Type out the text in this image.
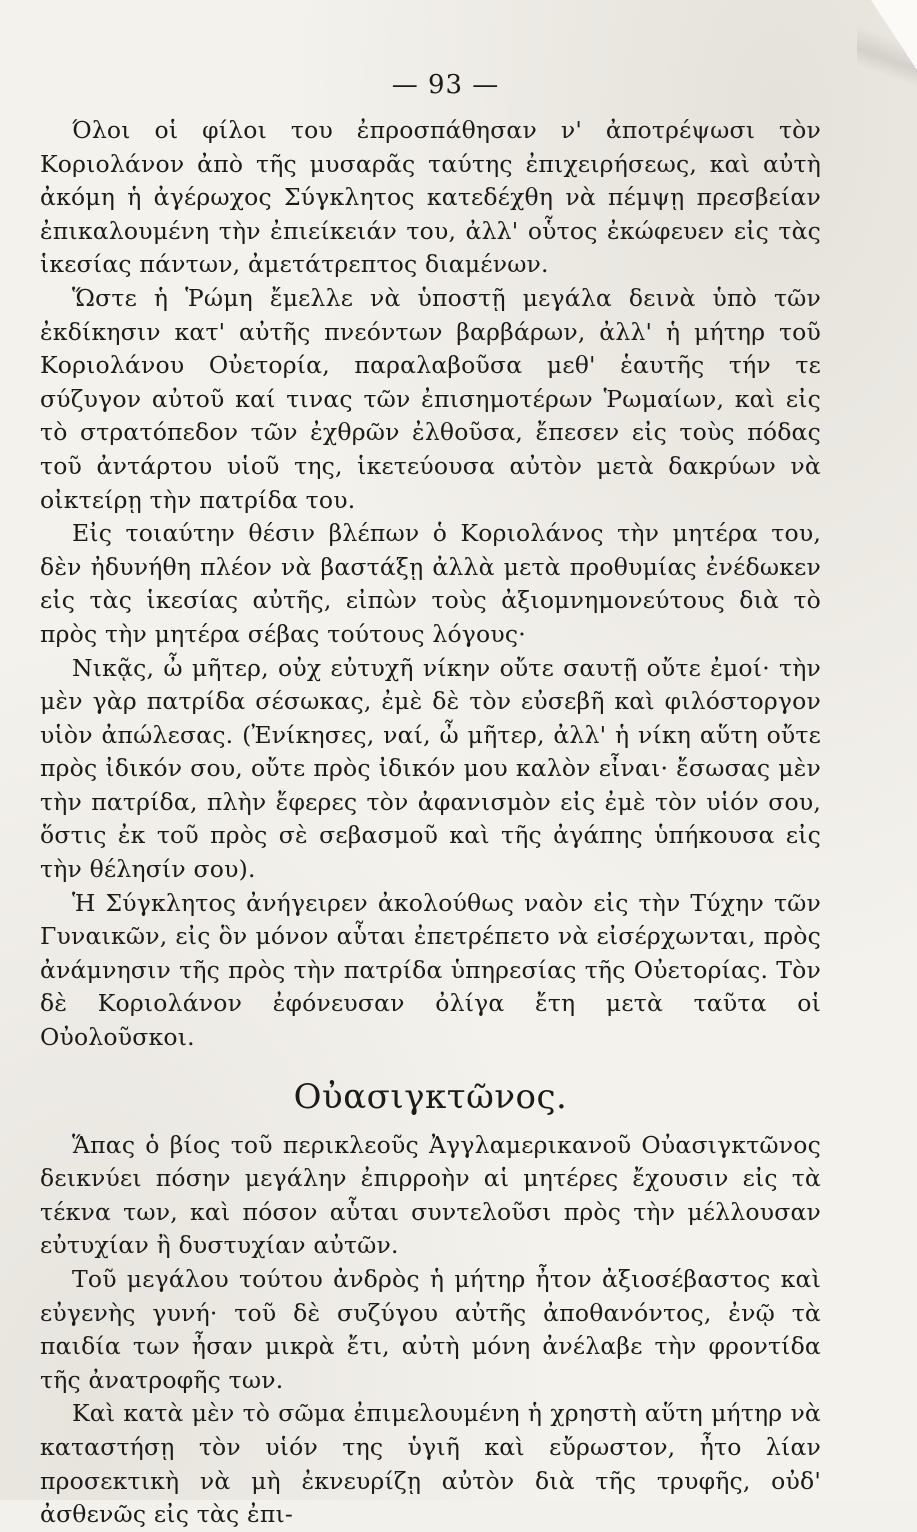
— 93 —

Όλοι οἱ φίλοι του ἐπροσπάθησαν ν' ἀποτρέψωσι τὸν Κοριολάνον ἀπὸ τῆς μυσαρᾶς ταύτης ἐπιχειρήσεως, καὶ αὐτὴ ἀκόμη ἡ ἀγέρωχος Σύγκλητος κατεδέχθη νὰ πέμψῃ πρεσβείαν ἐπικαλουμένη τὴν ἐπιείκειάν του, ἀλλ' οὗτος ἐκώφευεν εἰς τὰς ἱκεσίας πάντων, ἀμετάτρεπτος διαμένων.

Ὥστε ἡ Ῥώμη ἔμελλε νὰ ὑποστῇ μεγάλα δεινὰ ὑπὸ τῶν ἐκδίκησιν κατ' αὐτῆς πνεόντων βαρβάρων, ἀλλ' ἡ μήτηρ τοῦ Κοριολάνου Οὐετορία, παραλαβοῦσα μεθ' ἑαυτῆς τήν τε σύζυγον αὐτοῦ καί τινας τῶν ἐπισημοτέρων Ῥωμαίων, καὶ εἰς τὸ στρατόπεδον τῶν ἐχθρῶν ἐλθοῦσα, ἔπεσεν εἰς τοὺς πόδας τοῦ ἀντάρτου υἱοῦ της, ἱκετεύουσα αὐτὸν μετὰ δακρύων νὰ οἰκτείρῃ τὴν πατρίδα του.

Εἰς τοιαύτην θέσιν βλέπων ὁ Κοριολάνος τὴν μητέρα του, δὲν ἠδυνήθη πλέον νὰ βαστάξῃ ἀλλὰ μετὰ προθυμίας ἐνέδωκεν εἰς τὰς ἱκεσίας αὐτῆς, εἰπὼν τοὺς ἀξιομνημονεύτους διὰ τὸ πρὸς τὴν μητέρα σέβας τούτους λόγους·

Νικᾷς, ὦ μῆτερ, οὐχ εὐτυχῆ νίκην οὔτε σαυτῇ οὔτε ἐμοί· τὴν μὲν γὰρ πατρίδα σέσωκας, ἐμὲ δὲ τὸν εὐσεβῆ καὶ φιλόστοργον υἱὸν ἀπώλεσας. (Ἐνίκησες, ναί, ὦ μῆτερ, ἀλλ' ἡ νίκη αὕτη οὔτε πρὸς ἰδικόν σου, οὔτε πρὸς ἰδικόν μου καλὸν εἶναι· ἔσωσας μὲν τὴν πατρίδα, πλὴν ἔφερες τὸν ἀφανισμὸν εἰς ἐμὲ τὸν υἱόν σου, ὅστις ἐκ τοῦ πρὸς σὲ σεβασμοῦ καὶ τῆς ἀγάπης ὑπήκουσα εἰς τὴν θέλησίν σου).

Ἡ Σύγκλητος ἀνήγειρεν ἀκολούθως ναὸν εἰς τὴν Τύχην τῶν Γυναικῶν, εἰς ὃν μόνον αὗται ἐπετρέπετο νὰ εἰσέρχωνται, πρὸς ἀνάμνησιν τῆς πρὸς τὴν πατρίδα ὑπηρεσίας τῆς Οὐετορίας. Τὸν δὲ Κοριολάνον ἐφόνευσαν ὀλίγα ἔτη μετὰ ταῦτα οἱ Οὐολοῦσκοι.

Οὐασιγκτῶνος.

Ἅπας ὁ βίος τοῦ περικλεοῦς Ἀγγλαμερικανοῦ Οὐασιγκτῶνος δεικνύει πόσην μεγάλην ἐπιρροὴν αἱ μητέρες ἔχουσιν εἰς τὰ τέκνα των, καὶ πόσον αὗται συντελοῦσι πρὸς τὴν μέλλουσαν εὐτυχίαν ἢ δυστυχίαν αὐτῶν.

Τοῦ μεγάλου τούτου ἀνδρὸς ἡ μήτηρ ἦτον ἀξιοσέβαστος καὶ εὐγενὴς γυνή· τοῦ δὲ συζύγου αὐτῆς ἀποθανόντος, ἐνῷ τὰ παιδία των ἦσαν μικρὰ ἔτι, αὐτὴ μόνη ἀνέλαβε τὴν φροντίδα τῆς ἀνατροφῆς των.

Καὶ κατὰ μὲν τὸ σῶμα ἐπιμελουμένη ἡ χρηστὴ αὕτη μήτηρ νὰ καταστήσῃ τὸν υἱόν της ὑγιῆ καὶ εὔρωστον, ἦτο λίαν προσεκτικὴ νὰ μὴ ἐκνευρίζῃ αὐτὸν διὰ τῆς τρυφῆς, οὐδ' ἀσθενῶς εἰς τὰς ἐπι-
